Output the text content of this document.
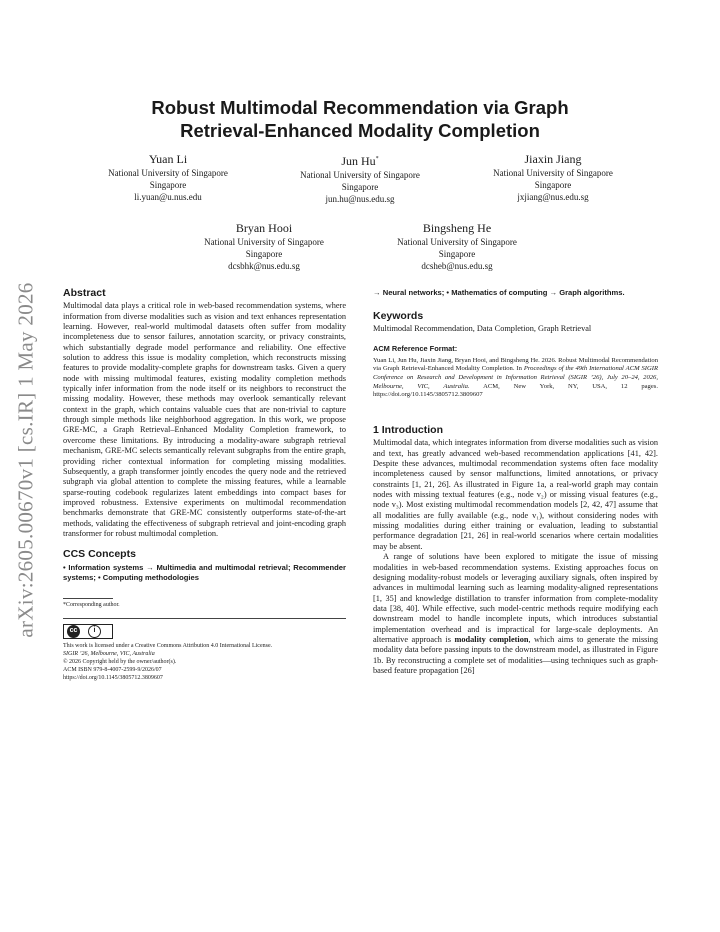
arXiv:2605.00670v1 [cs.IR] 1 May 2026
Robust Multimodal Recommendation via Graph
Retrieval-Enhanced Modality Completion
Yuan Li
National University of Singapore
Singapore
li.yuan@u.nus.edu
Jun Hu*
National University of Singapore
Singapore
jun.hu@nus.edu.sg
Jiaxin Jiang
National University of Singapore
Singapore
jxjiang@nus.edu.sg
Bryan Hooi
National University of Singapore
Singapore
dcsbhk@nus.edu.sg
Bingsheng He
National University of Singapore
Singapore
dcsheb@nus.edu.sg
Abstract

Multimodal data plays a critical role in web-based recommendation systems, where information from diverse modalities such as vision and text enhances representation learning. However, real-world multimodal datasets often suffer from modality incompleteness due to sensor failures, annotation scarcity, or privacy constraints, which substantially degrade model performance and reliability. One effective solution to address this issue is modality completion, which reconstructs missing features to provide modality-complete graphs for downstream tasks. Given a query node with missing multimodal features, existing modality completion methods typically infer information from the node itself or its neighbors to reconstruct the missing modality. However, these methods may overlook semantically relevant context in the graph, which contains valuable cues that are non-trivial to capture through simple methods like neighborhood aggregation. In this work, we propose GRE-MC, a Graph Retrieval–Enhanced Modality Completion framework, to overcome these limitations. By introducing a modality-aware subgraph retrieval mechanism, GRE-MC selects semantically relevant subgraphs from the entire graph, providing richer contextual information for completing missing modalities. Subsequently, a graph transformer jointly encodes the query node and the retrieved subgraph via global attention to complete the missing features, while a learnable sparse-routing codebook regularizes latent embeddings into compact bases for improved robustness. Extensive experiments on multimodal recommendation benchmarks demonstrate that GRE-MC consistently outperforms state-of-the-art methods, validating the effectiveness of subgraph retrieval and joint-encoding graph transformer for robust multimodal completion.

CCS Concepts

• Information systems → Multimedia and multimodal retrieval; Recommender systems; • Computing methodologies

*Corresponding author.

cc	i
This work is licensed under a Creative Commons Attribution 4.0 International License.
SIGIR ’26, Melbourne, VIC, Australia
© 2026 Copyright held by the owner/author(s).
ACM ISBN 979-8-4007-2599-9/2026/07
https://doi.org/10.1145/3805712.3809607

→ Neural networks; • Mathematics of computing → Graph algorithms.

Keywords

Multimodal Recommendation, Data Completion, Graph Retrieval

ACM Reference Format:

Yuan Li, Jun Hu, Jiaxin Jiang, Bryan Hooi, and Bingsheng He. 2026. Robust Multimodal Recommendation via Graph Retrieval-Enhanced Modality Completion. In Proceedings of the 49th International ACM SIGIR Conference on Research and Development in Information Retrieval (SIGIR ’26), July 20–24, 2026, Melbourne, VIC, Australia. ACM, New York, NY, USA, 12 pages. https://doi.org/10.1145/3805712.3809607

1 Introduction

Multimodal data, which integrates information from diverse modalities such as vision and text, has greatly advanced web-based recommendation applications [41, 42]. Despite these advances, multimodal recommendation systems often face modality incompleteness caused by sensor malfunctions, limited annotations, or privacy constraints [1, 21, 26]. As illustrated in Figure 1a, a real-world graph may contain nodes with missing textual features (e.g., node v₂) or missing visual features (e.g., node v₃). Most existing multimodal recommendation models [2, 42, 47] assume that all modalities are fully available (e.g., node v₁), without considering nodes with missing modalities during either training or evaluation, leading to substantial performance degradation [21, 26] in real-world scenarios where certain modalities may be absent.

A range of solutions have been explored to mitigate the issue of missing modalities in web-based recommendation systems. Existing approaches focus on designing modality-robust models or leveraging auxiliary signals, often inspired by advances in multimodal learning such as learning modality-aligned representations [1, 35] and knowledge distillation to transfer information from complete-modality data [38, 40]. While effective, such model-centric methods require modifying each downstream model to handle incomplete inputs, which introduces substantial implementation overhead and is impractical for large-scale deployments. An alternative approach is modality completion, which aims to generate the missing modality data before passing inputs to the downstream model, as illustrated in Figure 1b. By reconstructing a complete set of modalities—using techniques such as graph-based feature propagation [26]
